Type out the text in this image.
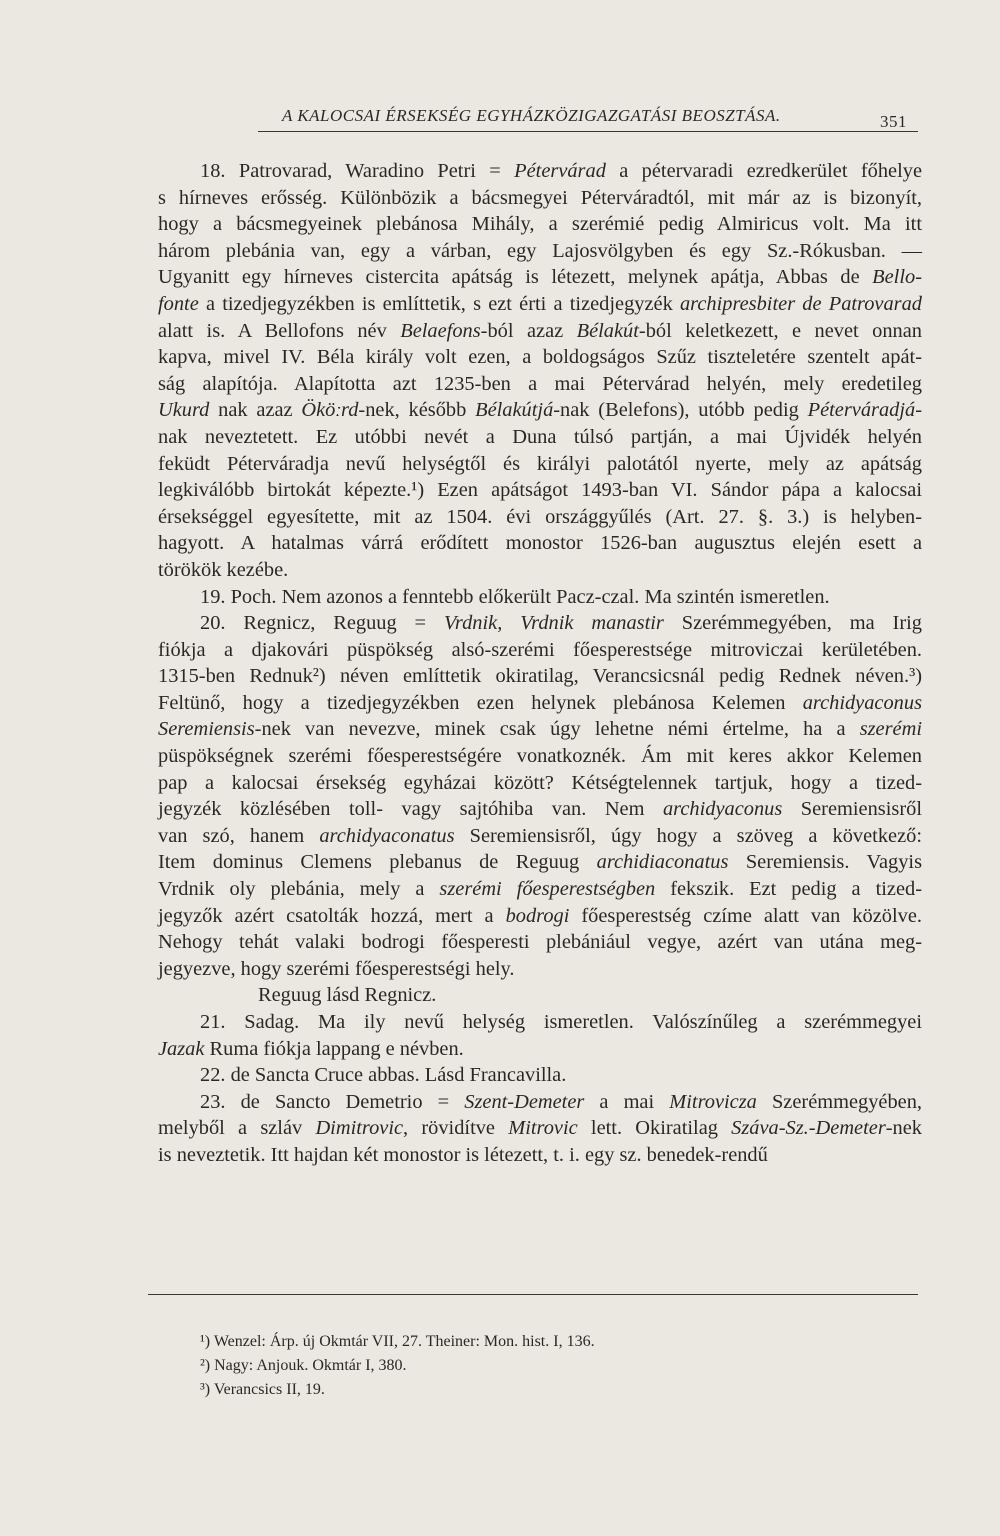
A KALOCSAI ÉRSEKSÉG EGYHÁZKÖZIGAZGATÁSI BEOSZTÁSA.	351
18. Patrovarad, Waradino Petri = Pétervárad a pétervaradi ezredkerület főhelye
s hírneves erősség. Különbözik a bácsmegyei Péterváradtól, mit már az is bizonyít,
hogy a bácsmegyeinek plebánosa Mihály, a szerémié pedig Almiricus volt. Ma itt
három plebánia van, egy a várban, egy Lajosvölgyben és egy Sz.-Rókusban. —
Ugyanitt egy hírneves cistercita apátság is létezett, melynek apátja, Abbas de Bello-
fonte a tizedjegyzékben is említtetik, s ezt érti a tizedjegyzék archipresbiter de Patrovarad
alatt is. A Bellofons név Belaefons-ból azaz Bélakút-ból keletkezett, e nevet onnan
kapva, mivel IV. Béla király volt ezen, a boldogságos Szűz tiszteletére szentelt apát-
ság alapítója. Alapította azt 1235-ben a mai Pétervárad helyén, mely eredetileg
Ukurd nak azaz Ököːrd-nek, később Bélakútjá-nak (Belefons), utóbb pedig Péterváradjá-
nak neveztetett. Ez utóbbi nevét a Duna túlsó partján, a mai Újvidék helyén
feküdt Péterváradja nevű helységtől és királyi palotától nyerte, mely az apátság
legkiválóbb birtokát képezte.¹) Ezen apátságot 1493-ban VI. Sándor pápa a kalocsai
érsekséggel egyesítette, mit az 1504. évi országgyűlés (Art. 27. §. 3.) is helyben-
hagyott. A hatalmas várrá erődített monostor 1526-ban augusztus elején esett a
törökök kezébe.
19. Poch. Nem azonos a fenntebb előkerült Pacz-czal. Ma szintén ismeretlen.
20. Regnicz, Reguug = Vrdnik, Vrdnik manastir Szerémmegyében, ma Irig
fiókja a djakovári püspökség alsó-szerémi főesperestsége mitroviczai kerületében.
1315-ben Rednuk²) néven említtetik okiratilag, Verancsicsnál pedig Rednek néven.³)
Feltünő, hogy a tizedjegyzékben ezen helynek plebánosa Kelemen archidyaconus
Seremiensis-nek van nevezve, minek csak úgy lehetne némi értelme, ha a szerémi
püspökségnek szerémi főesperestségére vonatkoznék. Ám mit keres akkor Kelemen
pap a kalocsai érsekség egyházai között? Kétségtelennek tartjuk, hogy a tized-
jegyzék közlésében toll- vagy sajtóhiba van. Nem archidyaconus Seremiensisről
van szó, hanem archidyaconatus Seremiensisről, úgy hogy a szöveg a következő:
Item dominus Clemens plebanus de Reguug archidiaconatus Seremiensis. Vagyis
Vrdnik oly plebánia, mely a szerémi főesperestségben fekszik. Ezt pedig a tized-
jegyzők azért csatolták hozzá, mert a bodrogi főesperestség czíme alatt van közölve.
Nehogy tehát valaki bodrogi főesperesti plebániául vegye, azért van utána meg-
jegyezve, hogy szerémi főesperestségi hely.
Reguug lásd Regnicz.
21. Sadag. Ma ily nevű helység ismeretlen. Valószínűleg a szerémmegyei
Jazak Ruma fiókja lappang e névben.
22. de Sancta Cruce abbas. Lásd Francavilla.
23. de Sancto Demetrio = Szent-Demeter a mai Mitrovicza Szerémmegyében,
melyből a szláv Dimitrovic, rövidítve Mitrovic lett. Okiratilag Száva-Sz.-Demeter-nek
is neveztetik. Itt hajdan két monostor is létezett, t. i. egy sz. benedek-rendű
¹) Wenzel: Árp. új Okmtár VII, 27. Theiner: Mon. hist. I, 136.
²) Nagy: Anjouk. Okmtár I, 380.
³) Verancsics II, 19.
